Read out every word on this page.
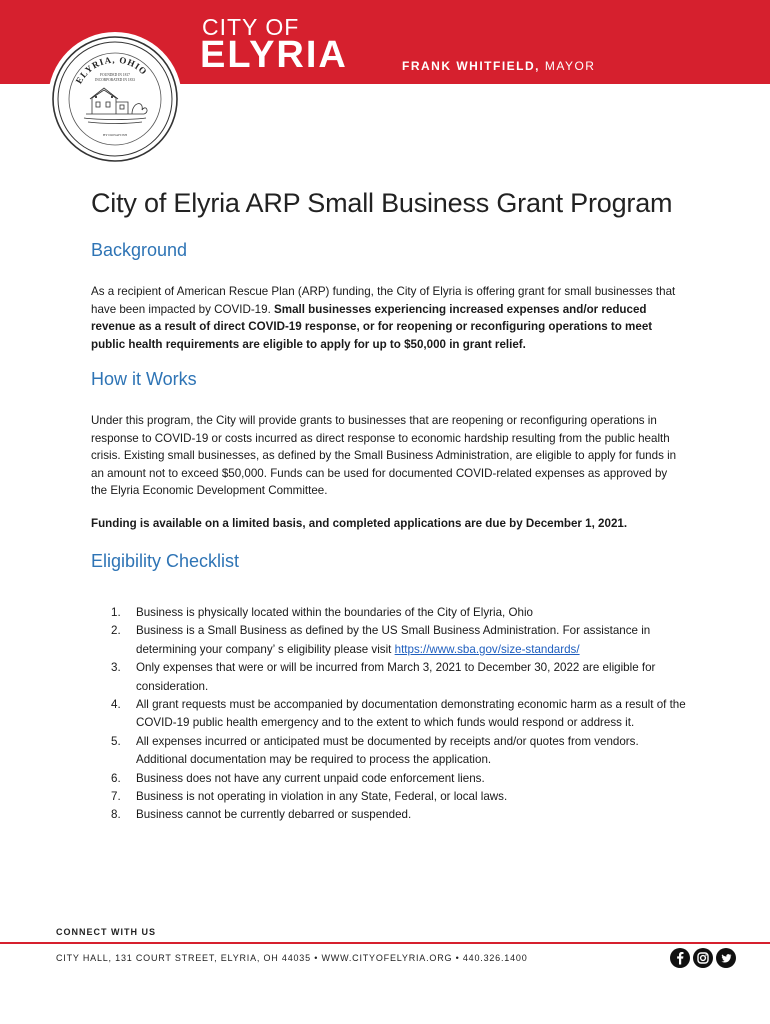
CITY OF
ELYRIA	FRANK WHITFIELD, MAYOR
ELYRIA, OHIO
FOUNDED IN 1817
INCORPORATED IN 1833
BY DONAH ISH
City of Elyria ARP Small Business Grant Program
Background
As a recipient of American Rescue Plan (ARP) funding, the City of Elyria is offering grant for small businesses that have been impacted by COVID-19. Small businesses experiencing increased expenses and/or reduced revenue as a result of direct COVID-19 response, or for reopening or reconfiguring operations to meet public health requirements are eligible to apply for up to $50,000 in grant relief.
How it Works
Under this program, the City will provide grants to businesses that are reopening or reconfiguring operations in response to COVID-19 or costs incurred as direct response to economic hardship resulting from the public health crisis. Existing small businesses, as defined by the Small Business Administration, are eligible to apply for funds in an amount not to exceed $50,000. Funds can be used for documented COVID-related expenses as approved by the Elyria Economic Development Committee.
Funding is available on a limited basis, and completed applications are due by December 1, 2021.
Eligibility Checklist
1. Business is physically located within the boundaries of the City of Elyria, Ohio
2. Business is a Small Business as defined by the US Small Business Administration. For assistance in determining your company’ s eligibility please visit https://www.sba.gov/size-standards/
3. Only expenses that were or will be incurred from March 3, 2021 to December 30, 2022 are eligible for consideration.
4. All grant requests must be accompanied by documentation demonstrating economic harm as a result of the COVID-19 public health emergency and to the extent to which funds would respond or address it.
5. All expenses incurred or anticipated must be documented by receipts and/or quotes from vendors. Additional documentation may be required to process the application.
6. Business does not have any current unpaid code enforcement liens.
7. Business is not operating in violation in any State, Federal, or local laws.
8. Business cannot be currently debarred or suspended.
CONNECT WITH US
CITY HALL, 131 COURT STREET, ELYRIA, OH 44035 • WWW.CITYOFELYRIA.ORG • 440.326.1400
